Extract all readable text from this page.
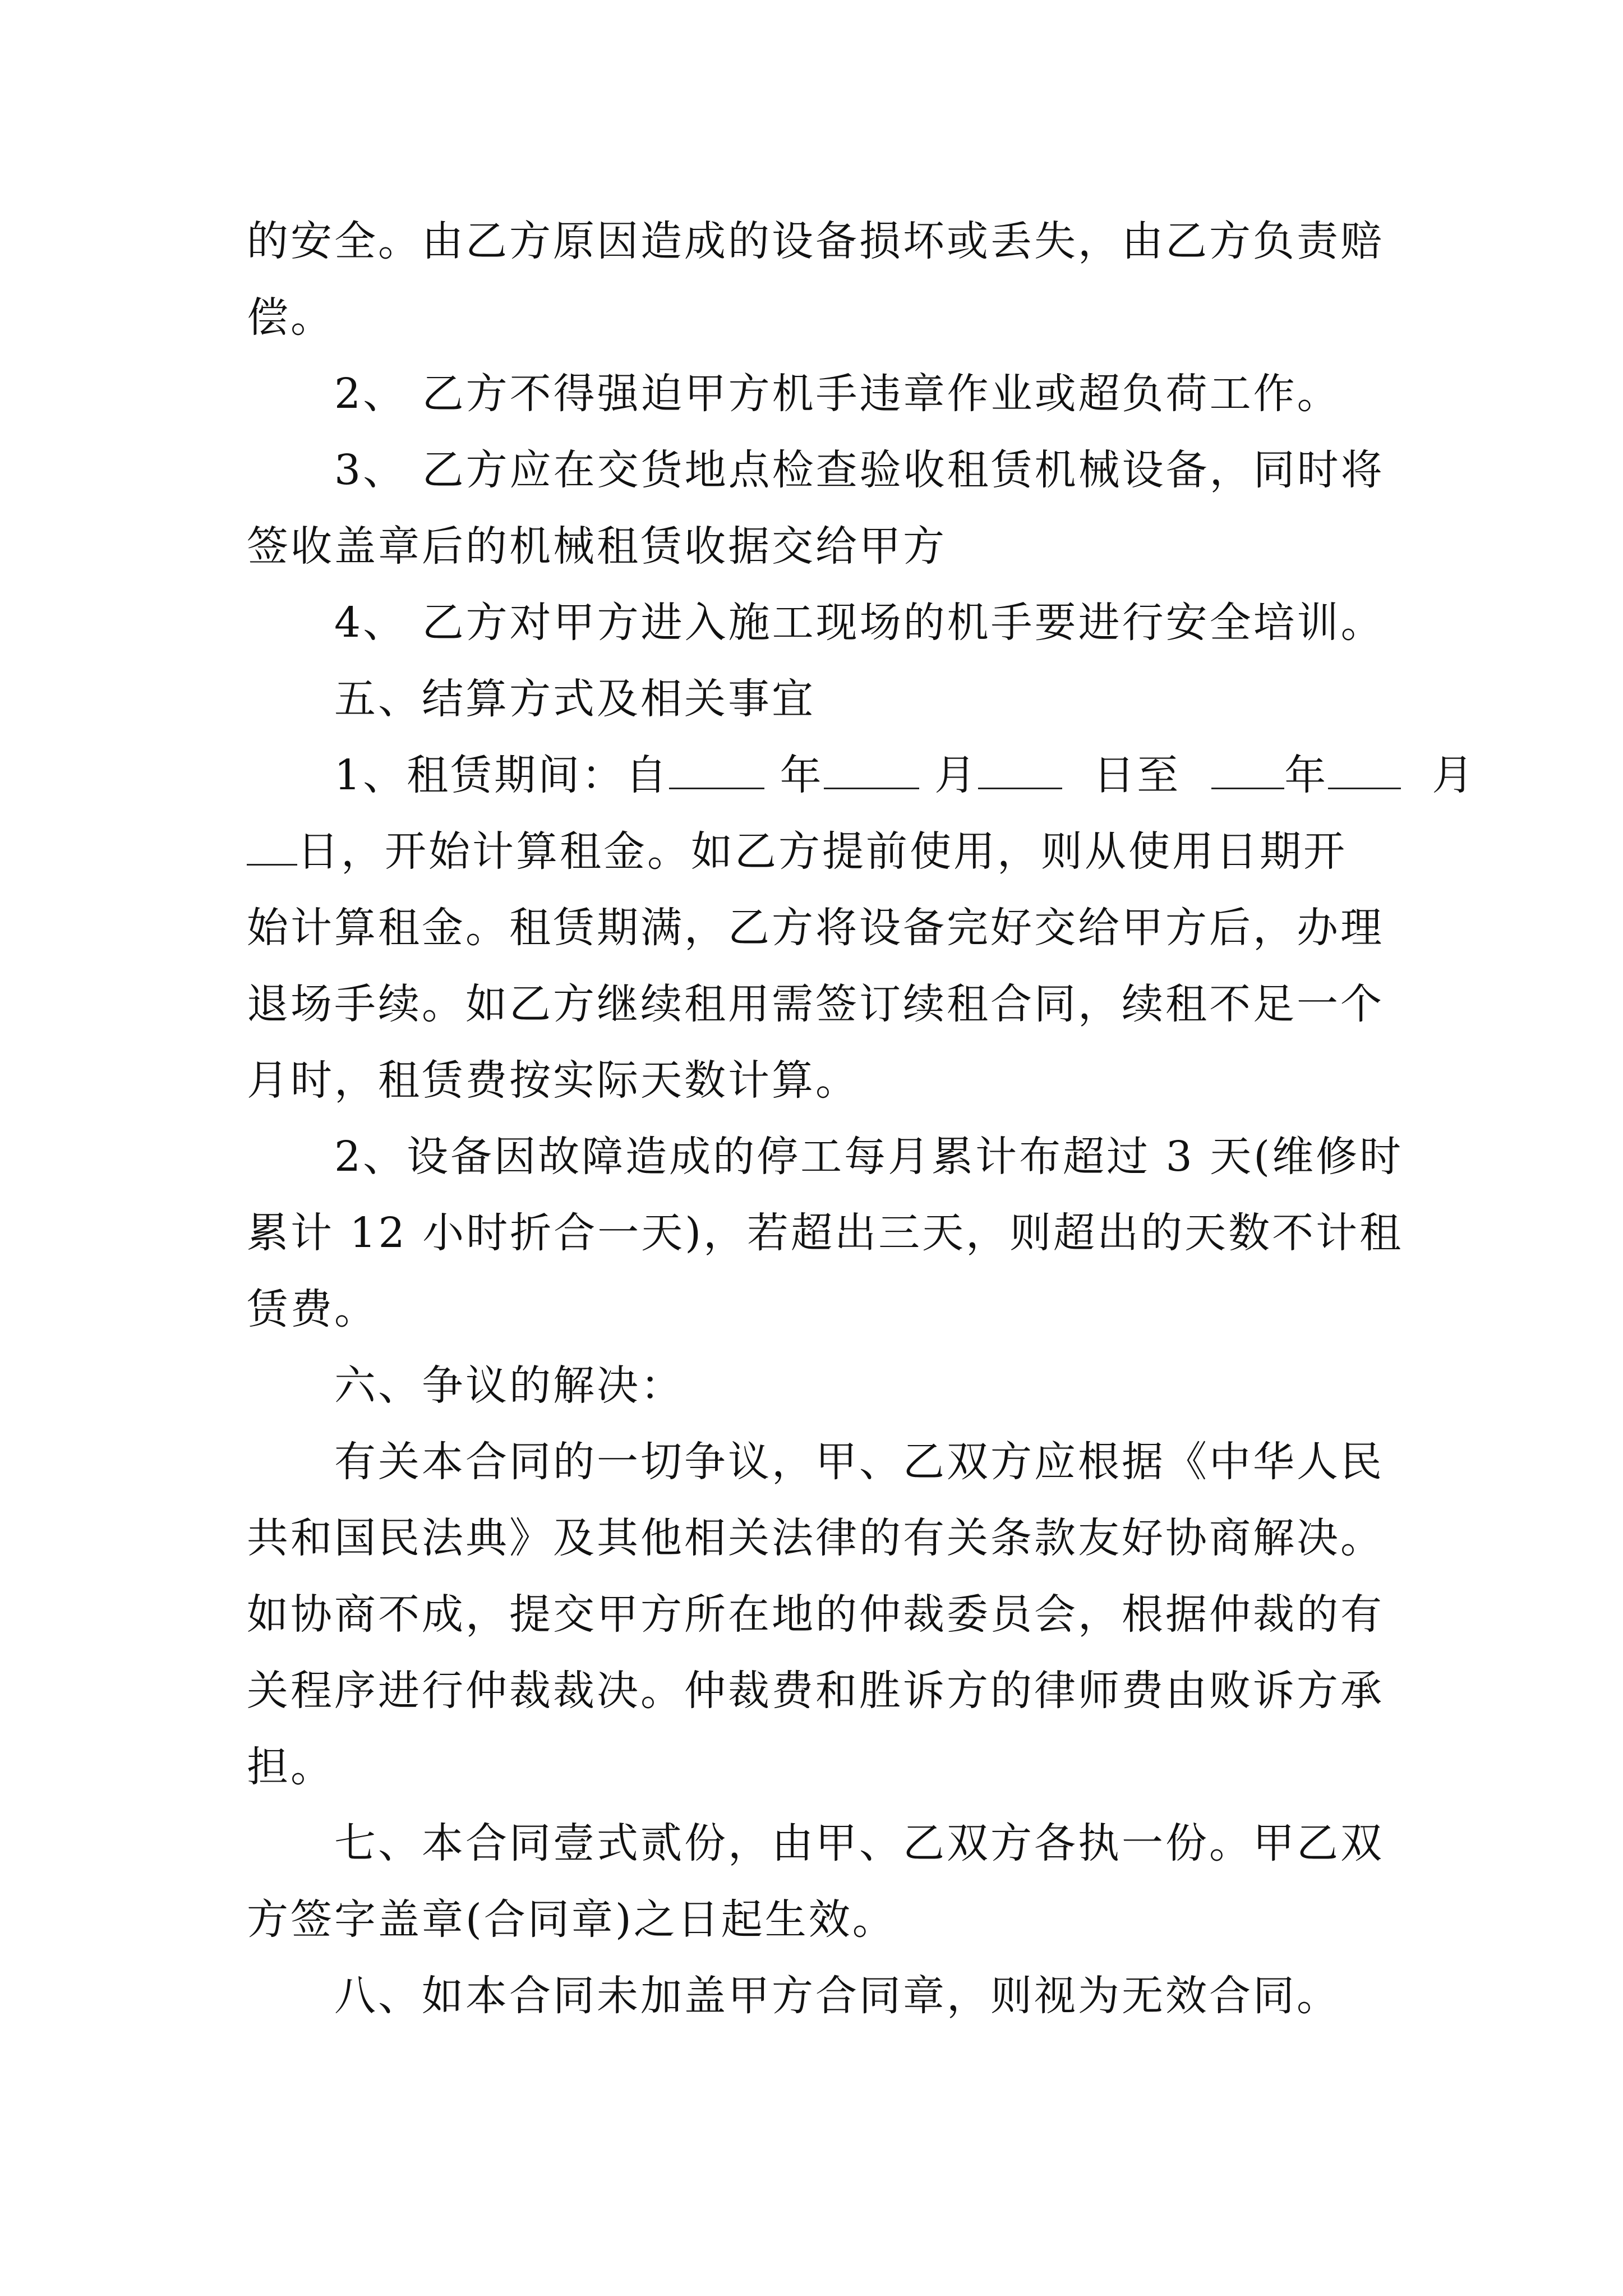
的安全。由乙方原因造成的设备损坏或丢失，由乙方负责赔
偿。
2、 乙方不得强迫甲方机手违章作业或超负荷工作。
3、 乙方应在交货地点检查验收租赁机械设备，同时将
签收盖章后的机械租赁收据交给甲方
4、 乙方对甲方进入施工现场的机手要进行安全培训。
五、结算方式及相关事宜
1、租赁期间：自	年	月	日至	年	月
日，开始计算租金。如乙方提前使用，则从使用日期开
始计算租金。租赁期满，乙方将设备完好交给甲方后，办理
退场手续。如乙方继续租用需签订续租合同，续租不足一个
月时，租赁费按实际天数计算。
2、设备因故障造成的停工每月累计布超过 3 天(维修时
累计 12 小时折合一天)，若超出三天，则超出的天数不计租
赁费。
六、争议的解决：
有关本合同的一切争议，甲、乙双方应根据《中华人民
共和国民法典》及其他相关法律的有关条款友好协商解决。
如协商不成，提交甲方所在地的仲裁委员会，根据仲裁的有
关程序进行仲裁裁决。仲裁费和胜诉方的律师费由败诉方承
担。
七、本合同壹式贰份，由甲、乙双方各执一份。甲乙双
方签字盖章(合同章)之日起生效。
八、如本合同未加盖甲方合同章，则视为无效合同。
